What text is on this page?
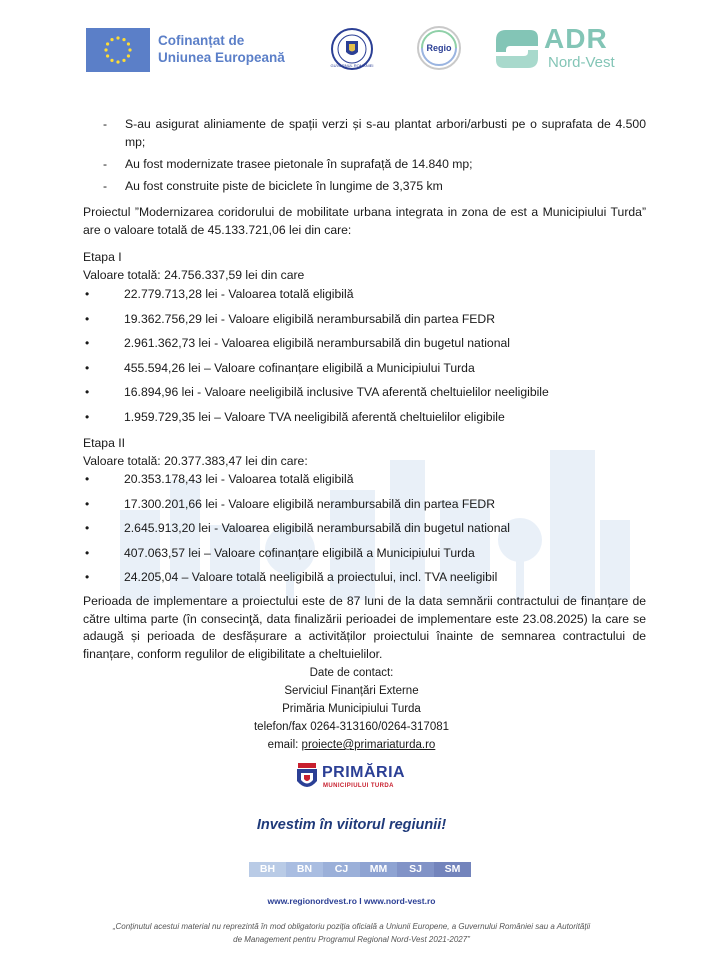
Cofinanțat de
Uniunea Europeană
GUVERNUL ROMÂNIEI
Regio	ADR
Nord-Vest
- S-au asigurat aliniamente de spații verzi și s-au plantat arbori/arbusti pe o suprafata de 4.500 mp;
- Au fost modernizate trasee pietonale în suprafață de 14.840 mp;
- Au fost construite piste de biciclete în lungime de 3,375 km
Proiectul ”Modernizarea coridorului de mobilitate urbana integrata in zona de est a Municipiului Turda” are o valoare totală de 45.133.721,06 lei din care:
Etapa I
Valoare totală: 24.756.337,59 lei din care
• 22.779.713,28 lei - Valoarea totală eligibilă
• 19.362.756,29 lei - Valoare eligibilă nerambursabilă din partea FEDR
• 2.961.362,73 lei - Valoarea eligibilă nerambursabilă din bugetul national
• 455.594,26 lei – Valoare cofinanțare eligibilă a Municipiului Turda
• 16.894,96 lei - Valoare neeligibilă inclusive TVA aferentă cheltuielilor neeligibile
• 1.959.729,35 lei – Valoare TVA neeligibilă aferentă cheltuielilor eligibile
Etapa II
Valoare totală: 20.377.383,47 lei din care:
• 20.353.178,43 lei - Valoarea totală eligibilă
• 17.300.201,66 lei - Valoare eligibilă nerambursabilă din partea FEDR
• 2.645.913,20 lei - Valoarea eligibilă nerambursabilă din bugetul national
• 407.063,57 lei – Valoare cofinanțare eligibilă a Municipiului Turda
• 24.205,04 – Valoare totală neeligibilă a proiectului, incl. TVA neeligibil
Perioada de implementare a proiectului este de 87 luni de la data semnării contractului de finanțare de către ultima parte (în consecinţă, data finalizării perioadei de implementare este 23.08.2025) la care se adaugă și perioada de desfășurare a activităților proiectului înainte de semnarea contractului de finanțare, conform regulilor de eligibilitate a cheltuielilor.
Date de contact:
Serviciul Finanțări Externe
Primăria Municipiului Turda
telefon/fax 0264-313160/0264-317081
email: proiecte@primariaturda.ro
PRIMĂRIA
MUNICIPIULUI TURDA
Investim în viitorul regiunii!
BH	BN	CJ	MM	SJ	SM
www.regionordvest.ro I www.nord-vest.ro
„Conținutul acestui material nu reprezintă în mod obligatoriu poziția oficială a Uniunii Europene, a Guvernului României sau a Autorității de Management pentru Programul Regional Nord-Vest 2021-2027”
